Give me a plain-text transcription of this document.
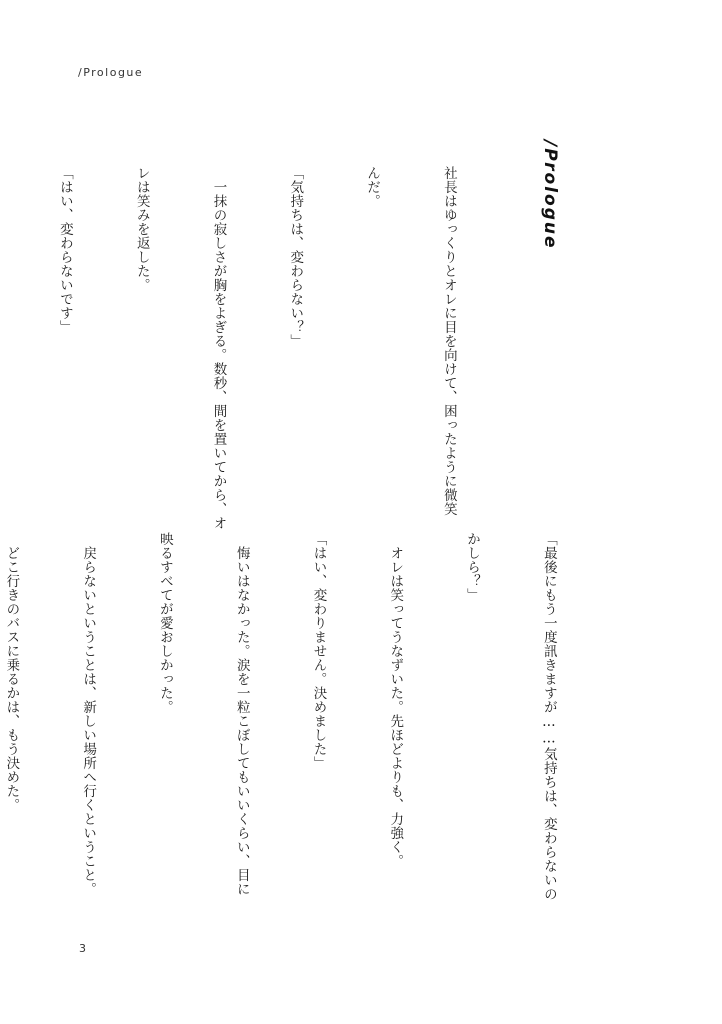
/Prologue
/Prologue

社長はゆっくりとオレに目を向けて、困ったように微笑

んだ。

「気持ちは、変わらない？」

　一抹の寂しさが胸をよぎる。数秒、間を置いてから、オ

レは笑みを返した。

「はい、変わらないです」

「最後にもう一度訊きますが……気持ちは、変わらないの

かしら？」

　オレは笑ってうなずいた。先ほどよりも、力強く。

「はい、変わりません。決めました」

　悔いはなかった。涙を一粒こぼしてもいいくらい、目に

映るすべてが愛おしかった。

　戻らないということは、新しい場所へ行くということ。

　どこ行きのバスに乗るかは、もう決めた。

3
